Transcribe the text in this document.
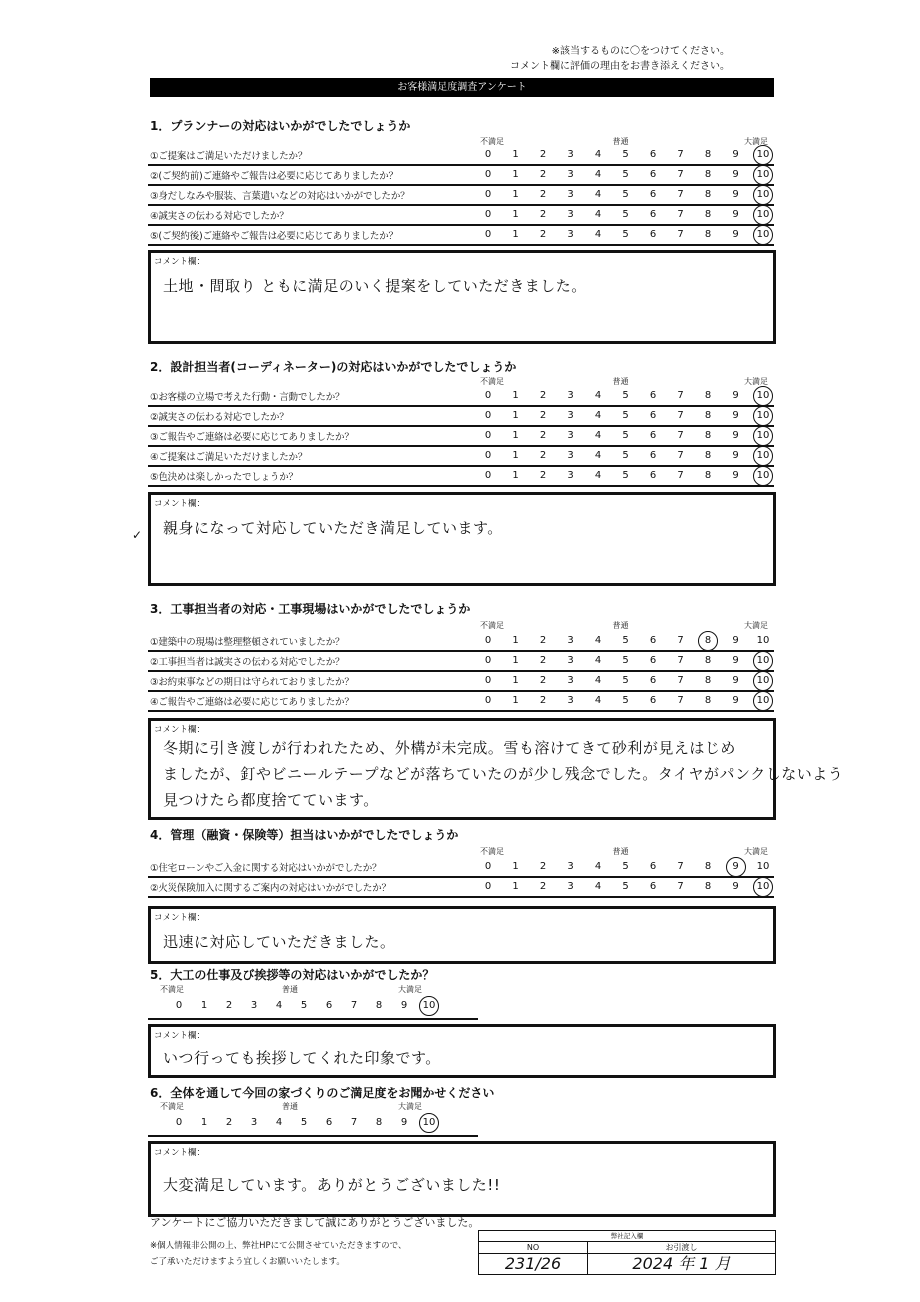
※該当するものに〇をつけてください。
コメント欄に評価の理由をお書き添えください。
お客様満足度調査アンケート
1．プランナーの対応はいかがでしたでしょうか
不満足	普通	大満足
①ご提案はご満足いただけましたか？	0	1	2	3	4	5	6	7	8	9	10
②(ご契約前)ご連絡やご報告は必要に応じてありましたか？	0	1	2	3	4	5	6	7	8	9	10
③身だしなみや服装、言葉遣いなどの対応はいかがでしたか？	0	1	2	3	4	5	6	7	8	9	10
④誠実さの伝わる対応でしたか？	0	1	2	3	4	5	6	7	8	9	10
⑤(ご契約後)ご連絡やご報告は必要に応じてありましたか？	0	1	2	3	4	5	6	7	8	9	10
コメント欄：
土地・間取り ともに満足のいく提案をしていただきました。
2．設計担当者(コーディネーター)の対応はいかがでしたでしょうか
不満足	普通	大満足
①お客様の立場で考えた行動・言動でしたか？	0	1	2	3	4	5	6	7	8	9	10
②誠実さの伝わる対応でしたか？	0	1	2	3	4	5	6	7	8	9	10
③ご報告やご連絡は必要に応じてありましたか？	0	1	2	3	4	5	6	7	8	9	10
④ご提案はご満足いただけましたか？	0	1	2	3	4	5	6	7	8	9	10
⑤色決めは楽しかったでしょうか？	0	1	2	3	4	5	6	7	8	9	10
コメント欄：
親身になって対応していただき満足しています。
3．工事担当者の対応・工事現場はいかがでしたでしょうか
不満足	普通	大満足
①建築中の現場は整理整頓されていましたか？	0	1	2	3	4	5	6	7	8	9	10
②工事担当者は誠実さの伝わる対応でしたか？	0	1	2	3	4	5	6	7	8	9	10
③お約束事などの期日は守られておりましたか？	0	1	2	3	4	5	6	7	8	9	10
④ご報告やご連絡は必要に応じてありましたか？	0	1	2	3	4	5	6	7	8	9	10
コメント欄：
冬期に引き渡しが行われたため、外構が未完成。雪も溶けてきて砂利が見えはじめ
ましたが、釘やビニールテープなどが落ちていたのが少し残念でした。タイヤがパンクしないよう
見つけたら都度捨てています。
4．管理（融資・保険等）担当はいかがでしたでしょうか
不満足	普通	大満足
①住宅ローンやご入金に関する対応はいかがでしたか？	0	1	2	3	4	5	6	7	8	9	10
②火災保険加入に関するご案内の対応はいかがでしたか？	0	1	2	3	4	5	6	7	8	9	10
コメント欄：
迅速に対応していただきました。
5．大工の仕事及び挨拶等の対応はいかがでしたか？
不満足	普通	大満足
0	1	2	3	4	5	6	7	8	9	10
コメント欄：
いつ行っても挨拶してくれた印象です。
6．全体を通して今回の家づくりのご満足度をお聞かせください
不満足	普通	大満足
0	1	2	3	4	5	6	7	8	9	10
コメント欄：
大変満足しています。ありがとうございました!!
✓
アンケートにご協力いただきまして誠にありがとうございました。
※個人情報非公開の上、弊社HPにて公開させていただきますので、
ご了承いただけますよう宜しくお願いいたします。
弊社記入欄
NO	お引渡し
231/26	2024 年 1 月
